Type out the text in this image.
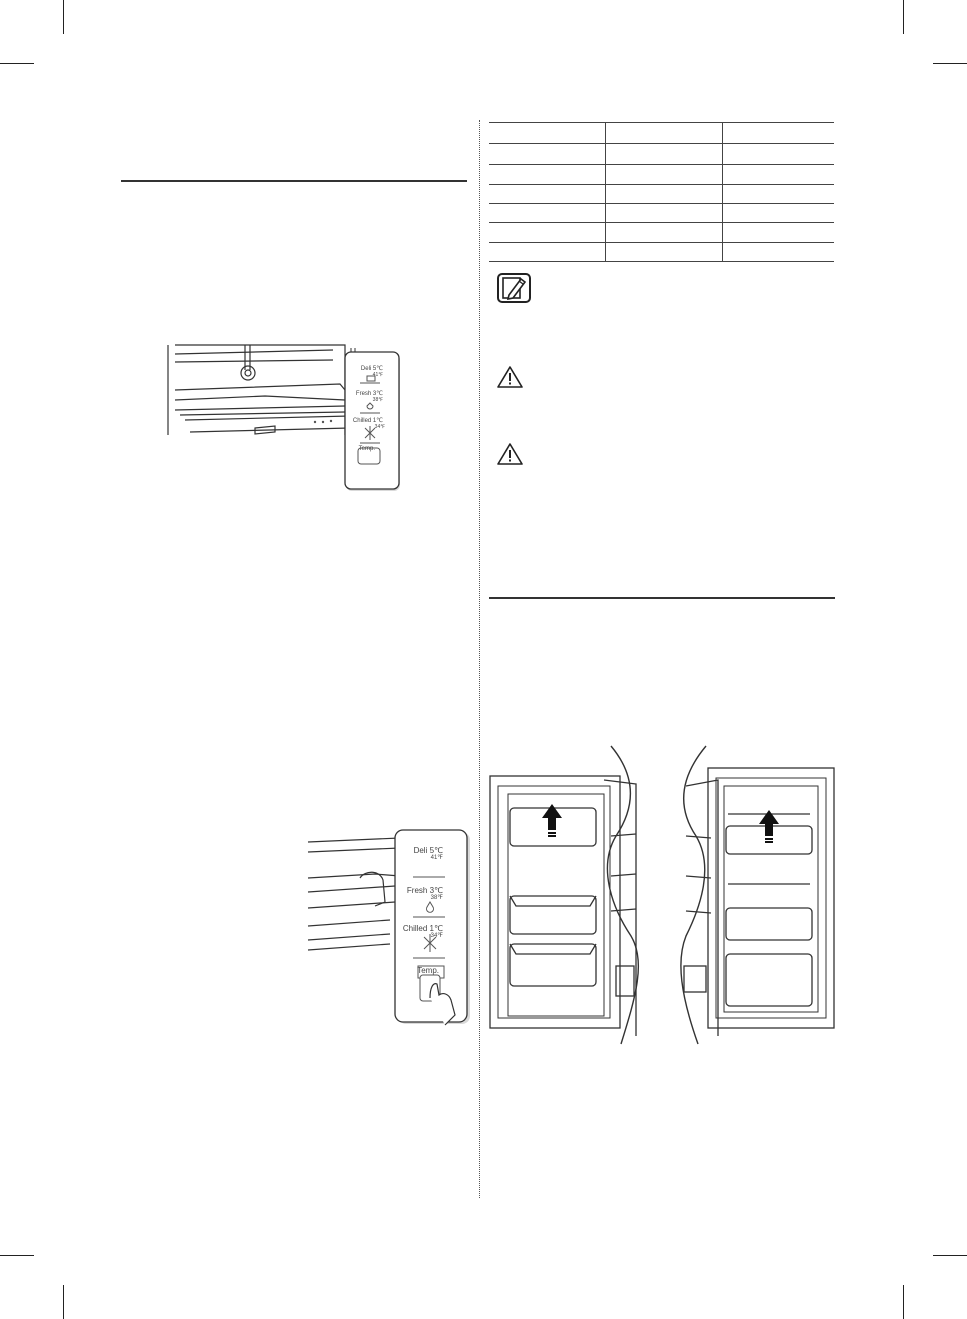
Deli 5℃
41℉
Fresh 3℃
38℉
Chilled 1℃
34℉
Temp.
Deli 5℃
41℉
Fresh 3℃
38℉
Chilled 1℃
34℉
Temp.
